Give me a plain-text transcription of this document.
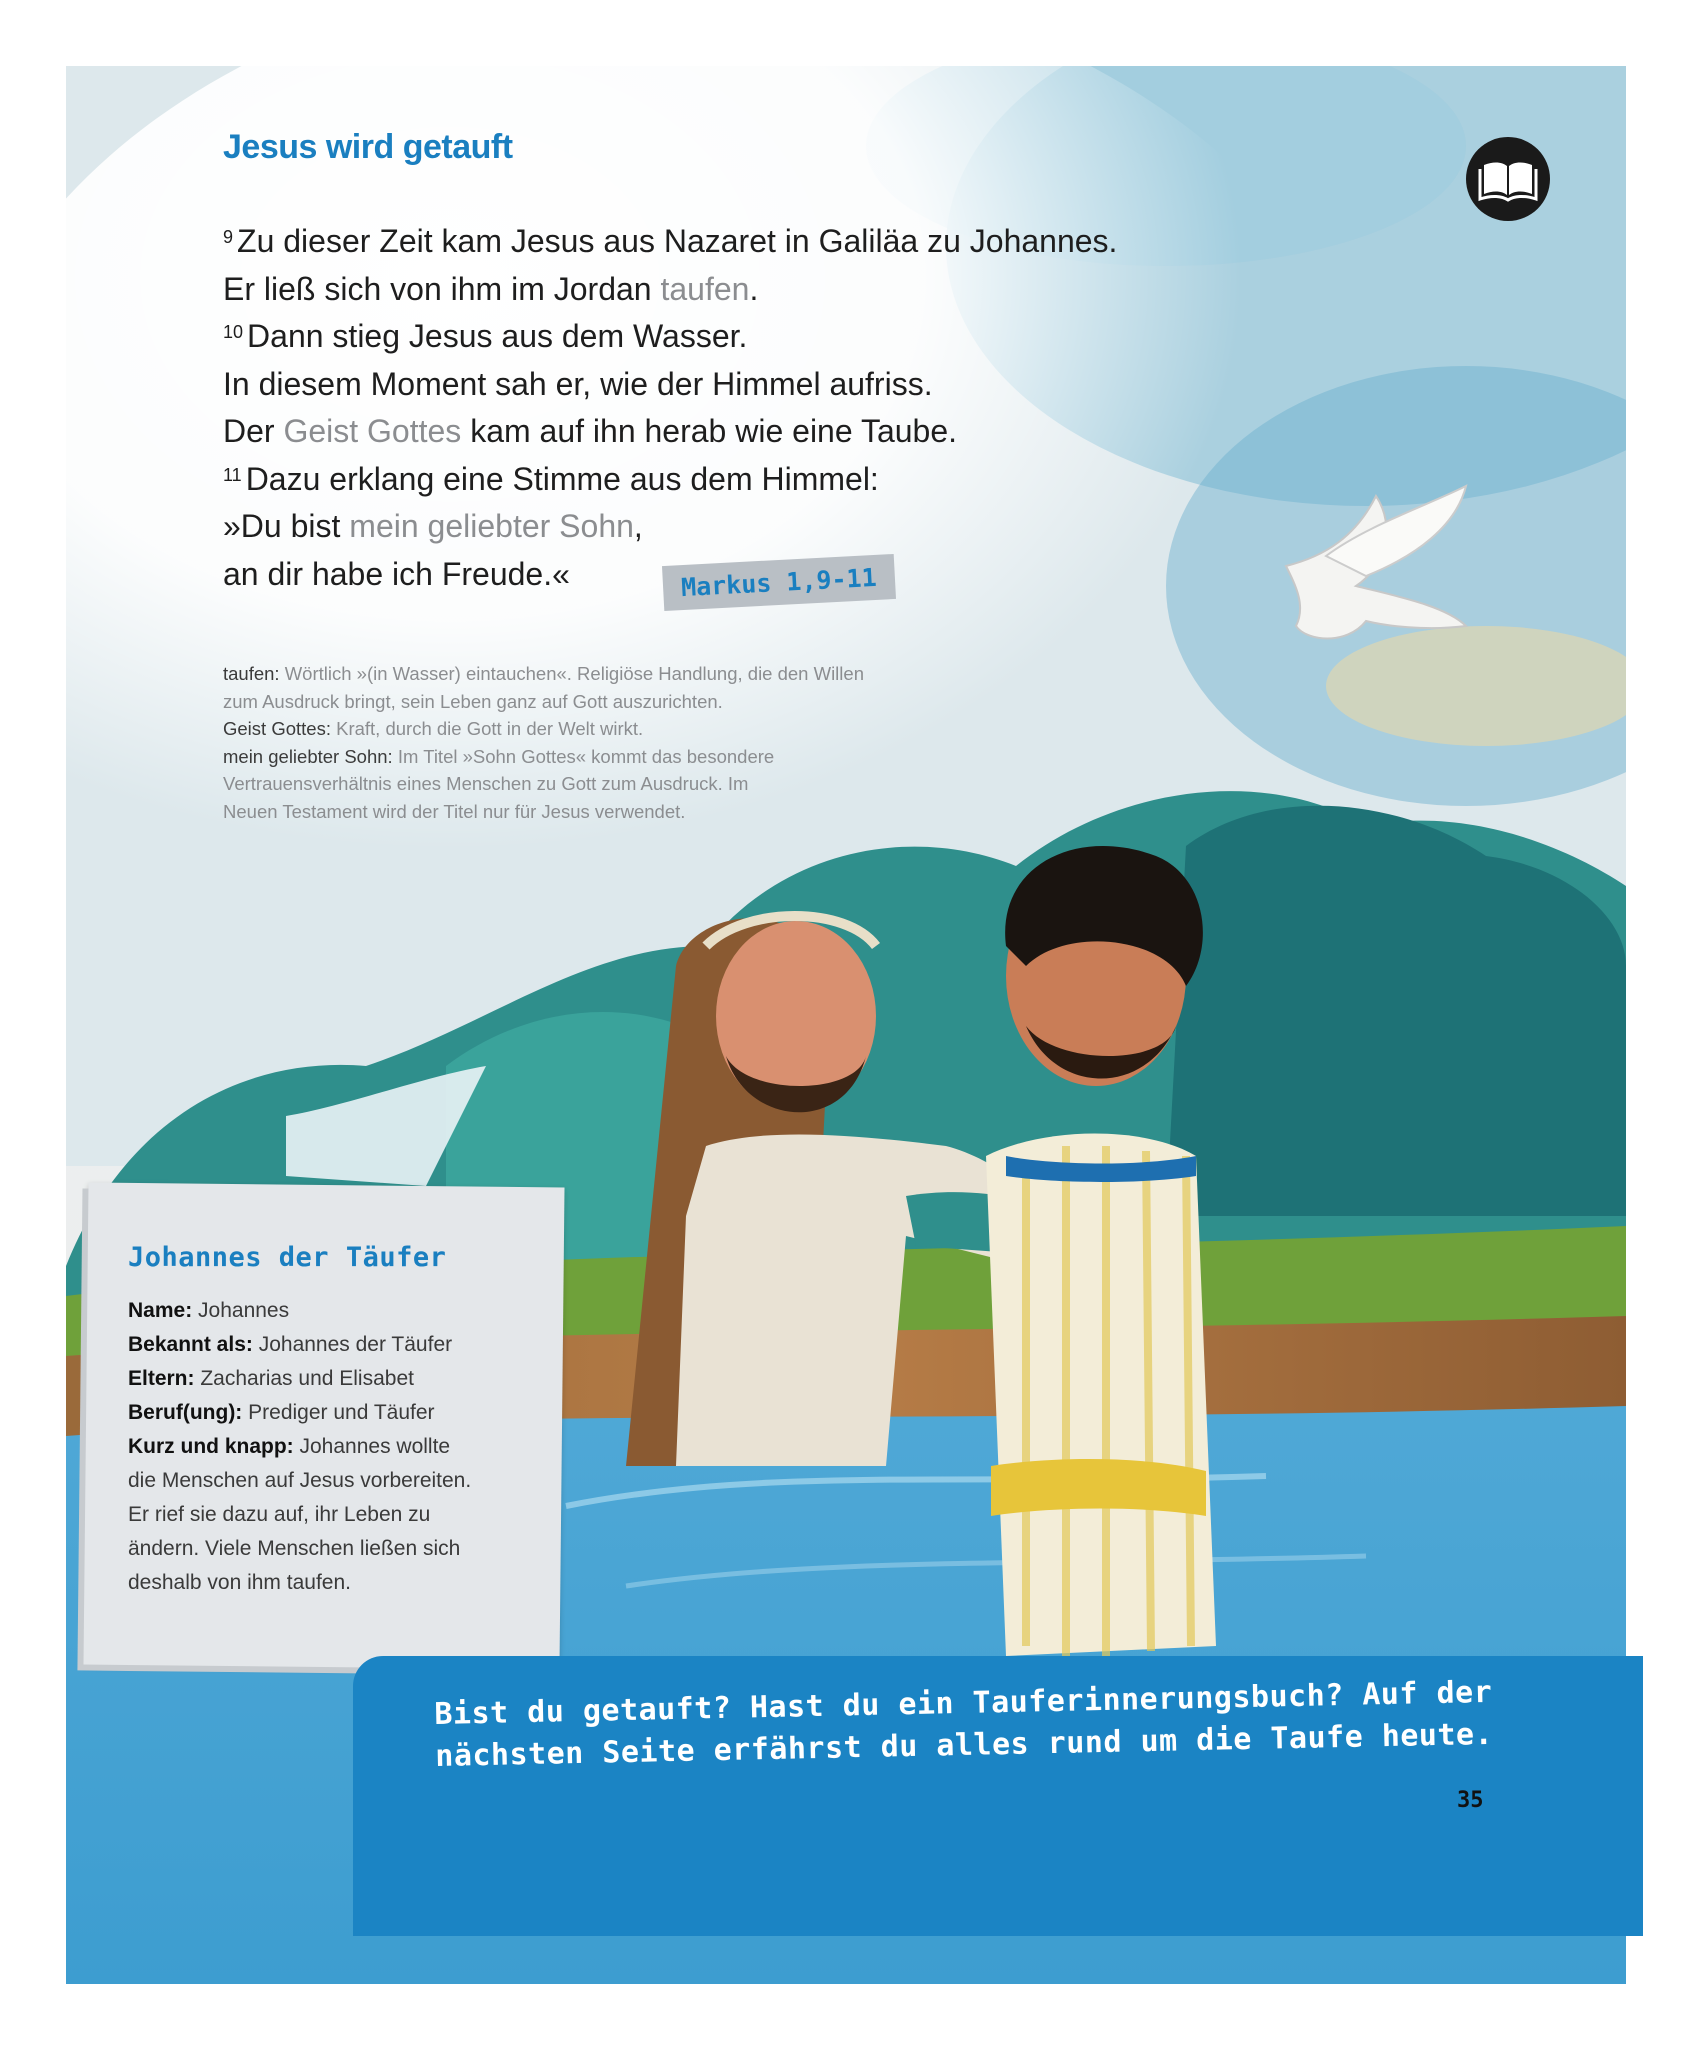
Jesus wird getauft
$^9$ Zu dieser Zeit kam Jesus aus Nazaret in Galiläa zu Johannes.
Er ließ sich von ihm im Jordan taufen.
$^{10}$ Dann stieg Jesus aus dem Wasser.
In diesem Moment sah er, wie der Himmel aufriss.
Der Geist Gottes kam auf ihn herab wie eine Taube.
$^{11}$ Dazu erklang eine Stimme aus dem Himmel:
»Du bist mein geliebter Sohn,
an dir habe ich Freude.«	Markus 1,9-11
taufen: Wörtlich »(in Wasser) eintauchen«. Religiöse Handlung, die den Willen
zum Ausdruck bringt, sein Leben ganz auf Gott auszurichten.
Geist Gottes: Kraft, durch die Gott in der Welt wirkt.
mein geliebter Sohn: Im Titel »Sohn Gottes« kommt das besondere
Vertrauensverhältnis eines Menschen zu Gott zum Ausdruck. Im
Neuen Testament wird der Titel nur für Jesus verwendet.
Johannes der Täufer
Name: Johannes
Bekannt als: Johannes der Täufer
Eltern: Zacharias und Elisabet
Beruf(ung): Prediger und Täufer
Kurz und knapp: Johannes wollte
die Menschen auf Jesus vorbereiten.
Er rief sie dazu auf, ihr Leben zu
ändern. Viele Menschen ließen sich
deshalb von ihm taufen.
Bist du getauft? Hast du ein Tauferinnerungsbuch? Auf der
nächsten Seite erfährst du alles rund um die Taufe heute.
35
